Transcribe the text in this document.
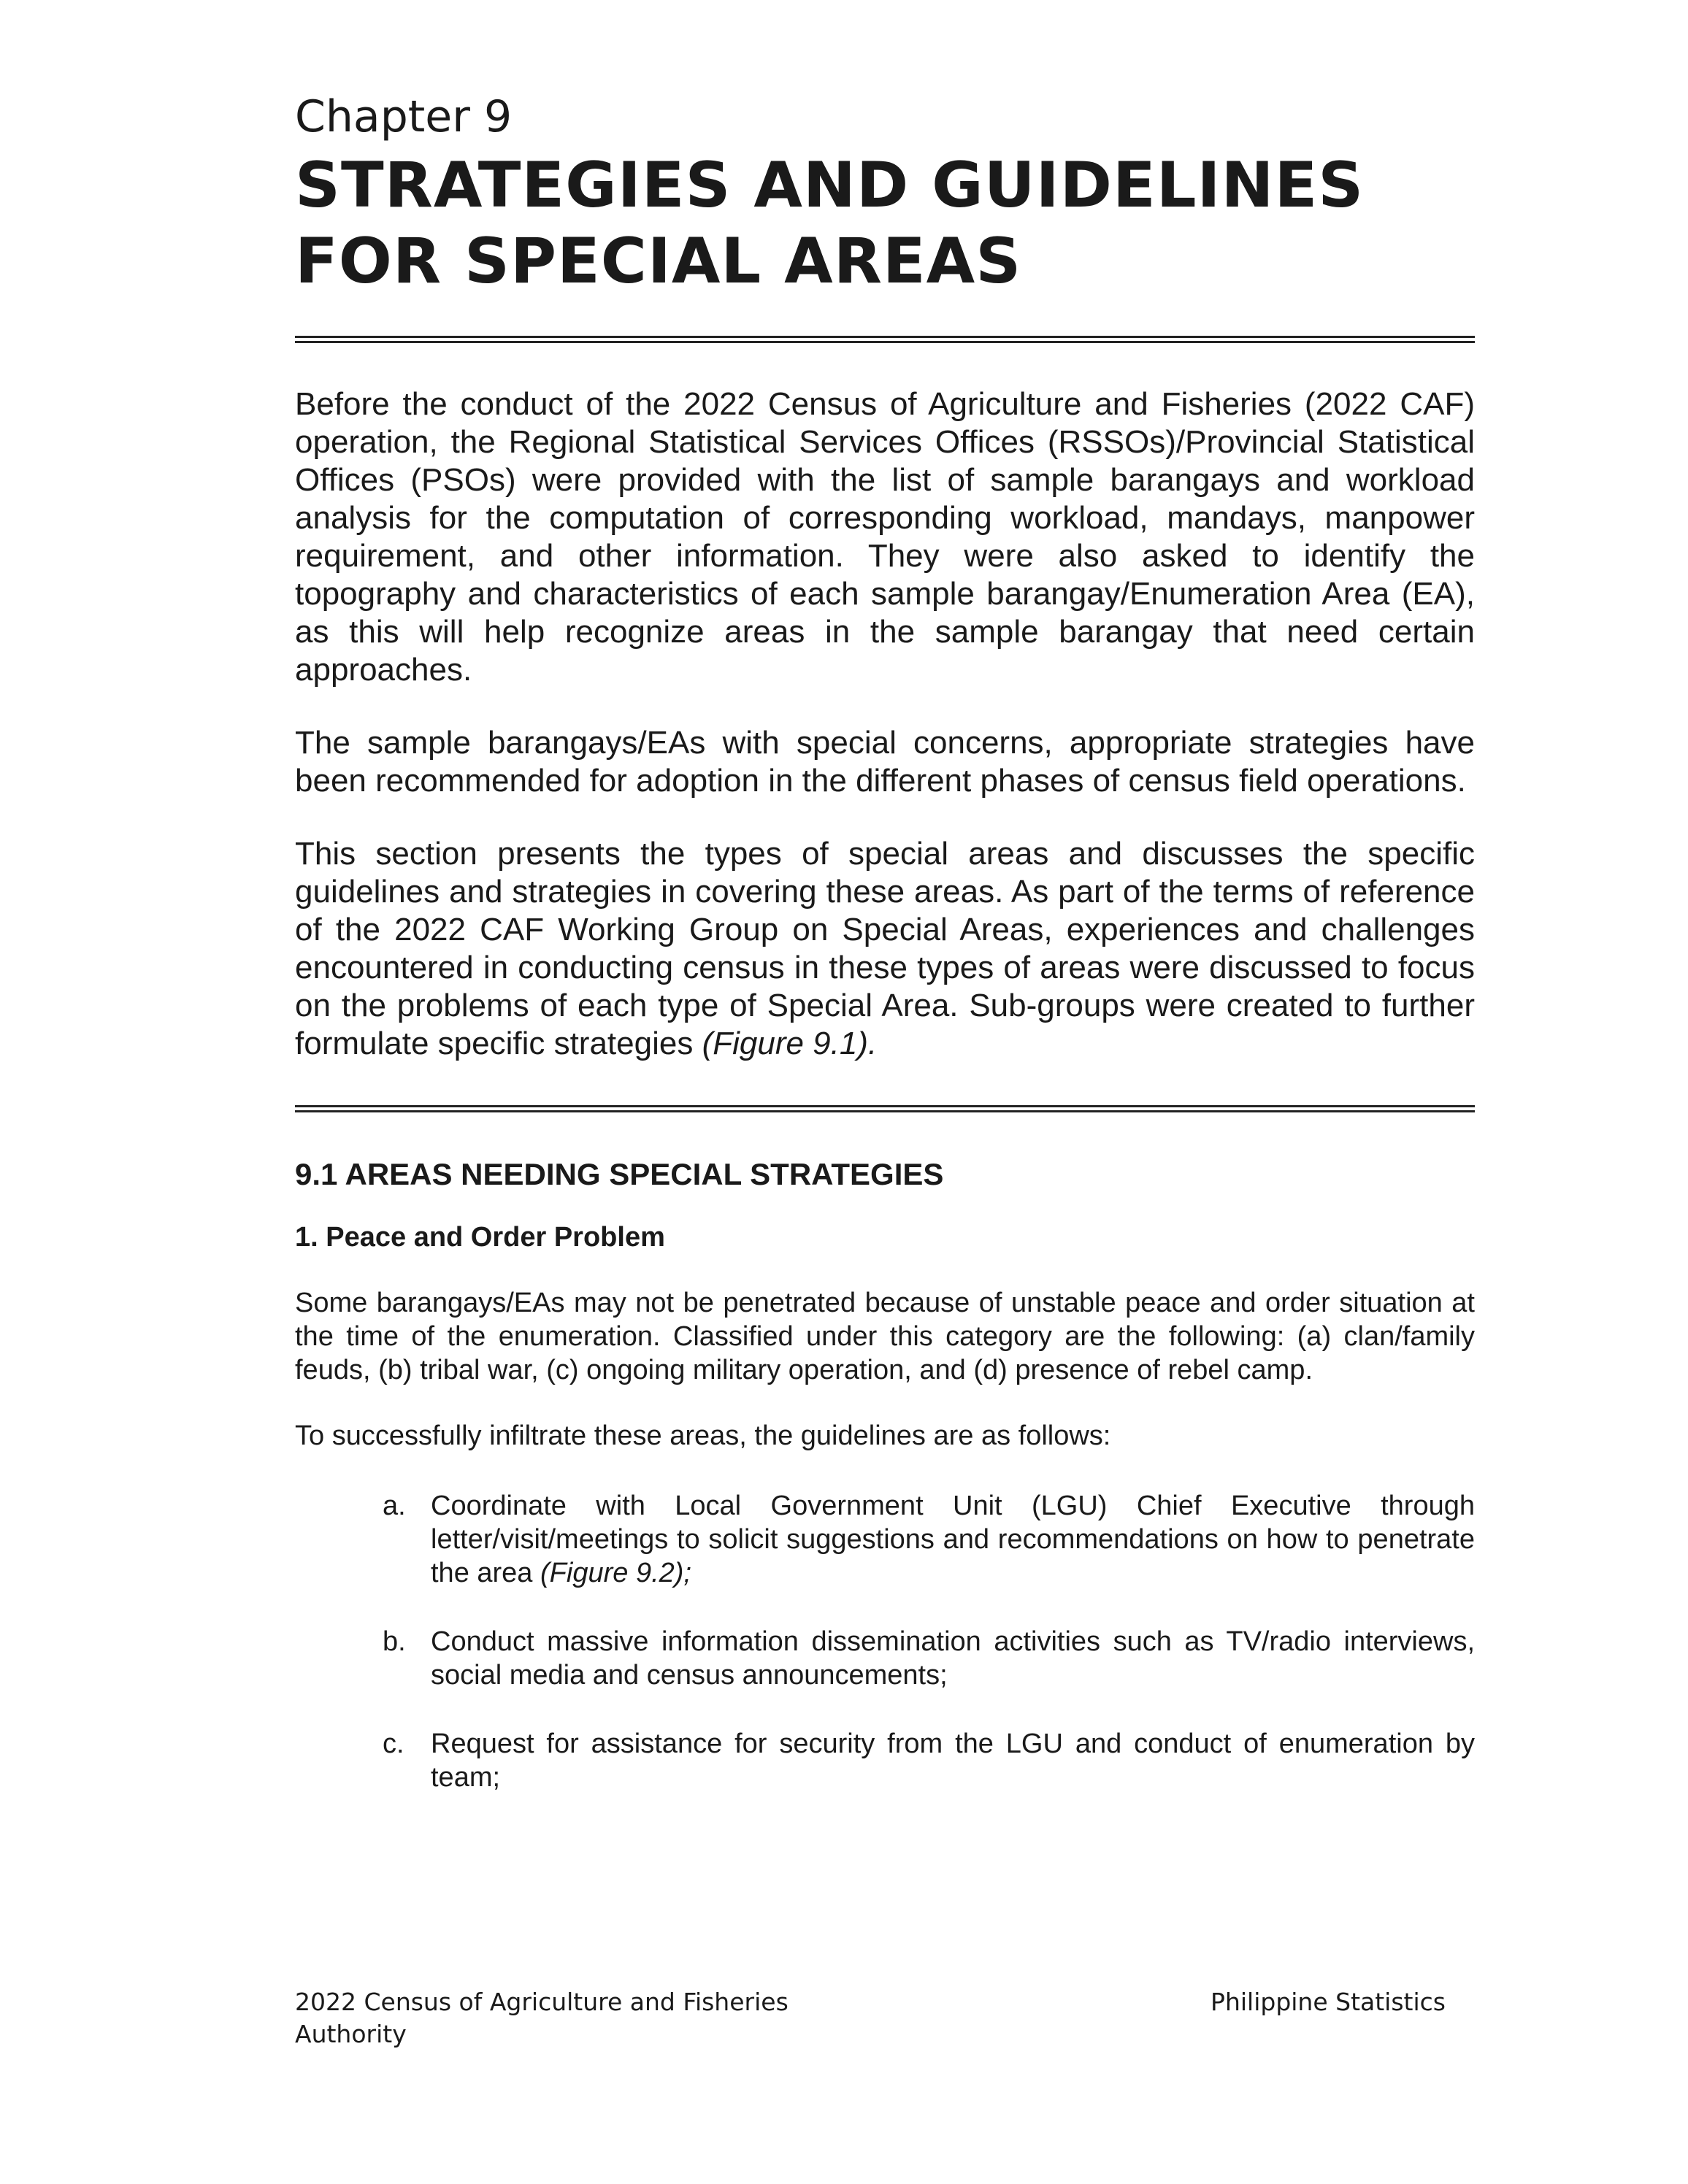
Chapter 9
STRATEGIES AND GUIDELINES
FOR SPECIAL AREAS

Before the conduct of the 2022 Census of Agriculture and Fisheries (2022 CAF) operation, the Regional Statistical Services Offices (RSSOs)/Provincial Statistical Offices (PSOs) were provided with the list of sample barangays and workload analysis for the computation of corresponding workload, mandays, manpower requirement, and other information. They were also asked to identify the topography and characteristics of each sample barangay/Enumeration Area (EA), as this will help recognize areas in the sample barangay that need certain approaches.

The sample barangays/EAs with special concerns, appropriate strategies have been recommended for adoption in the different phases of census field operations.

This section presents the types of special areas and discusses the specific guidelines and strategies in covering these areas. As part of the terms of reference of the 2022 CAF Working Group on Special Areas, experiences and challenges encountered in conducting census in these types of areas were discussed to focus on the problems of each type of Special Area. Sub-groups were created to further formulate specific strategies (Figure 9.1).

9.1 AREAS NEEDING SPECIAL STRATEGIES
1. Peace and Order Problem

Some barangays/EAs may not be penetrated because of unstable peace and order situation at the time of the enumeration. Classified under this category are the following: (a) clan/family feuds, (b) tribal war, (c) ongoing military operation, and (d) presence of rebel camp.

To successfully infiltrate these areas, the guidelines are as follows:

a. Coordinate with Local Government Unit (LGU) Chief Executive through letter/visit/meetings to solicit suggestions and recommendations on how to penetrate the area (Figure 9.2);
b. Conduct massive information dissemination activities such as TV/radio interviews, social media and census announcements;
c. Request for assistance for security from the LGU and conduct of enumeration by team;
2022 Census of Agriculture and Fisheries	Philippine Statistics
Authority
